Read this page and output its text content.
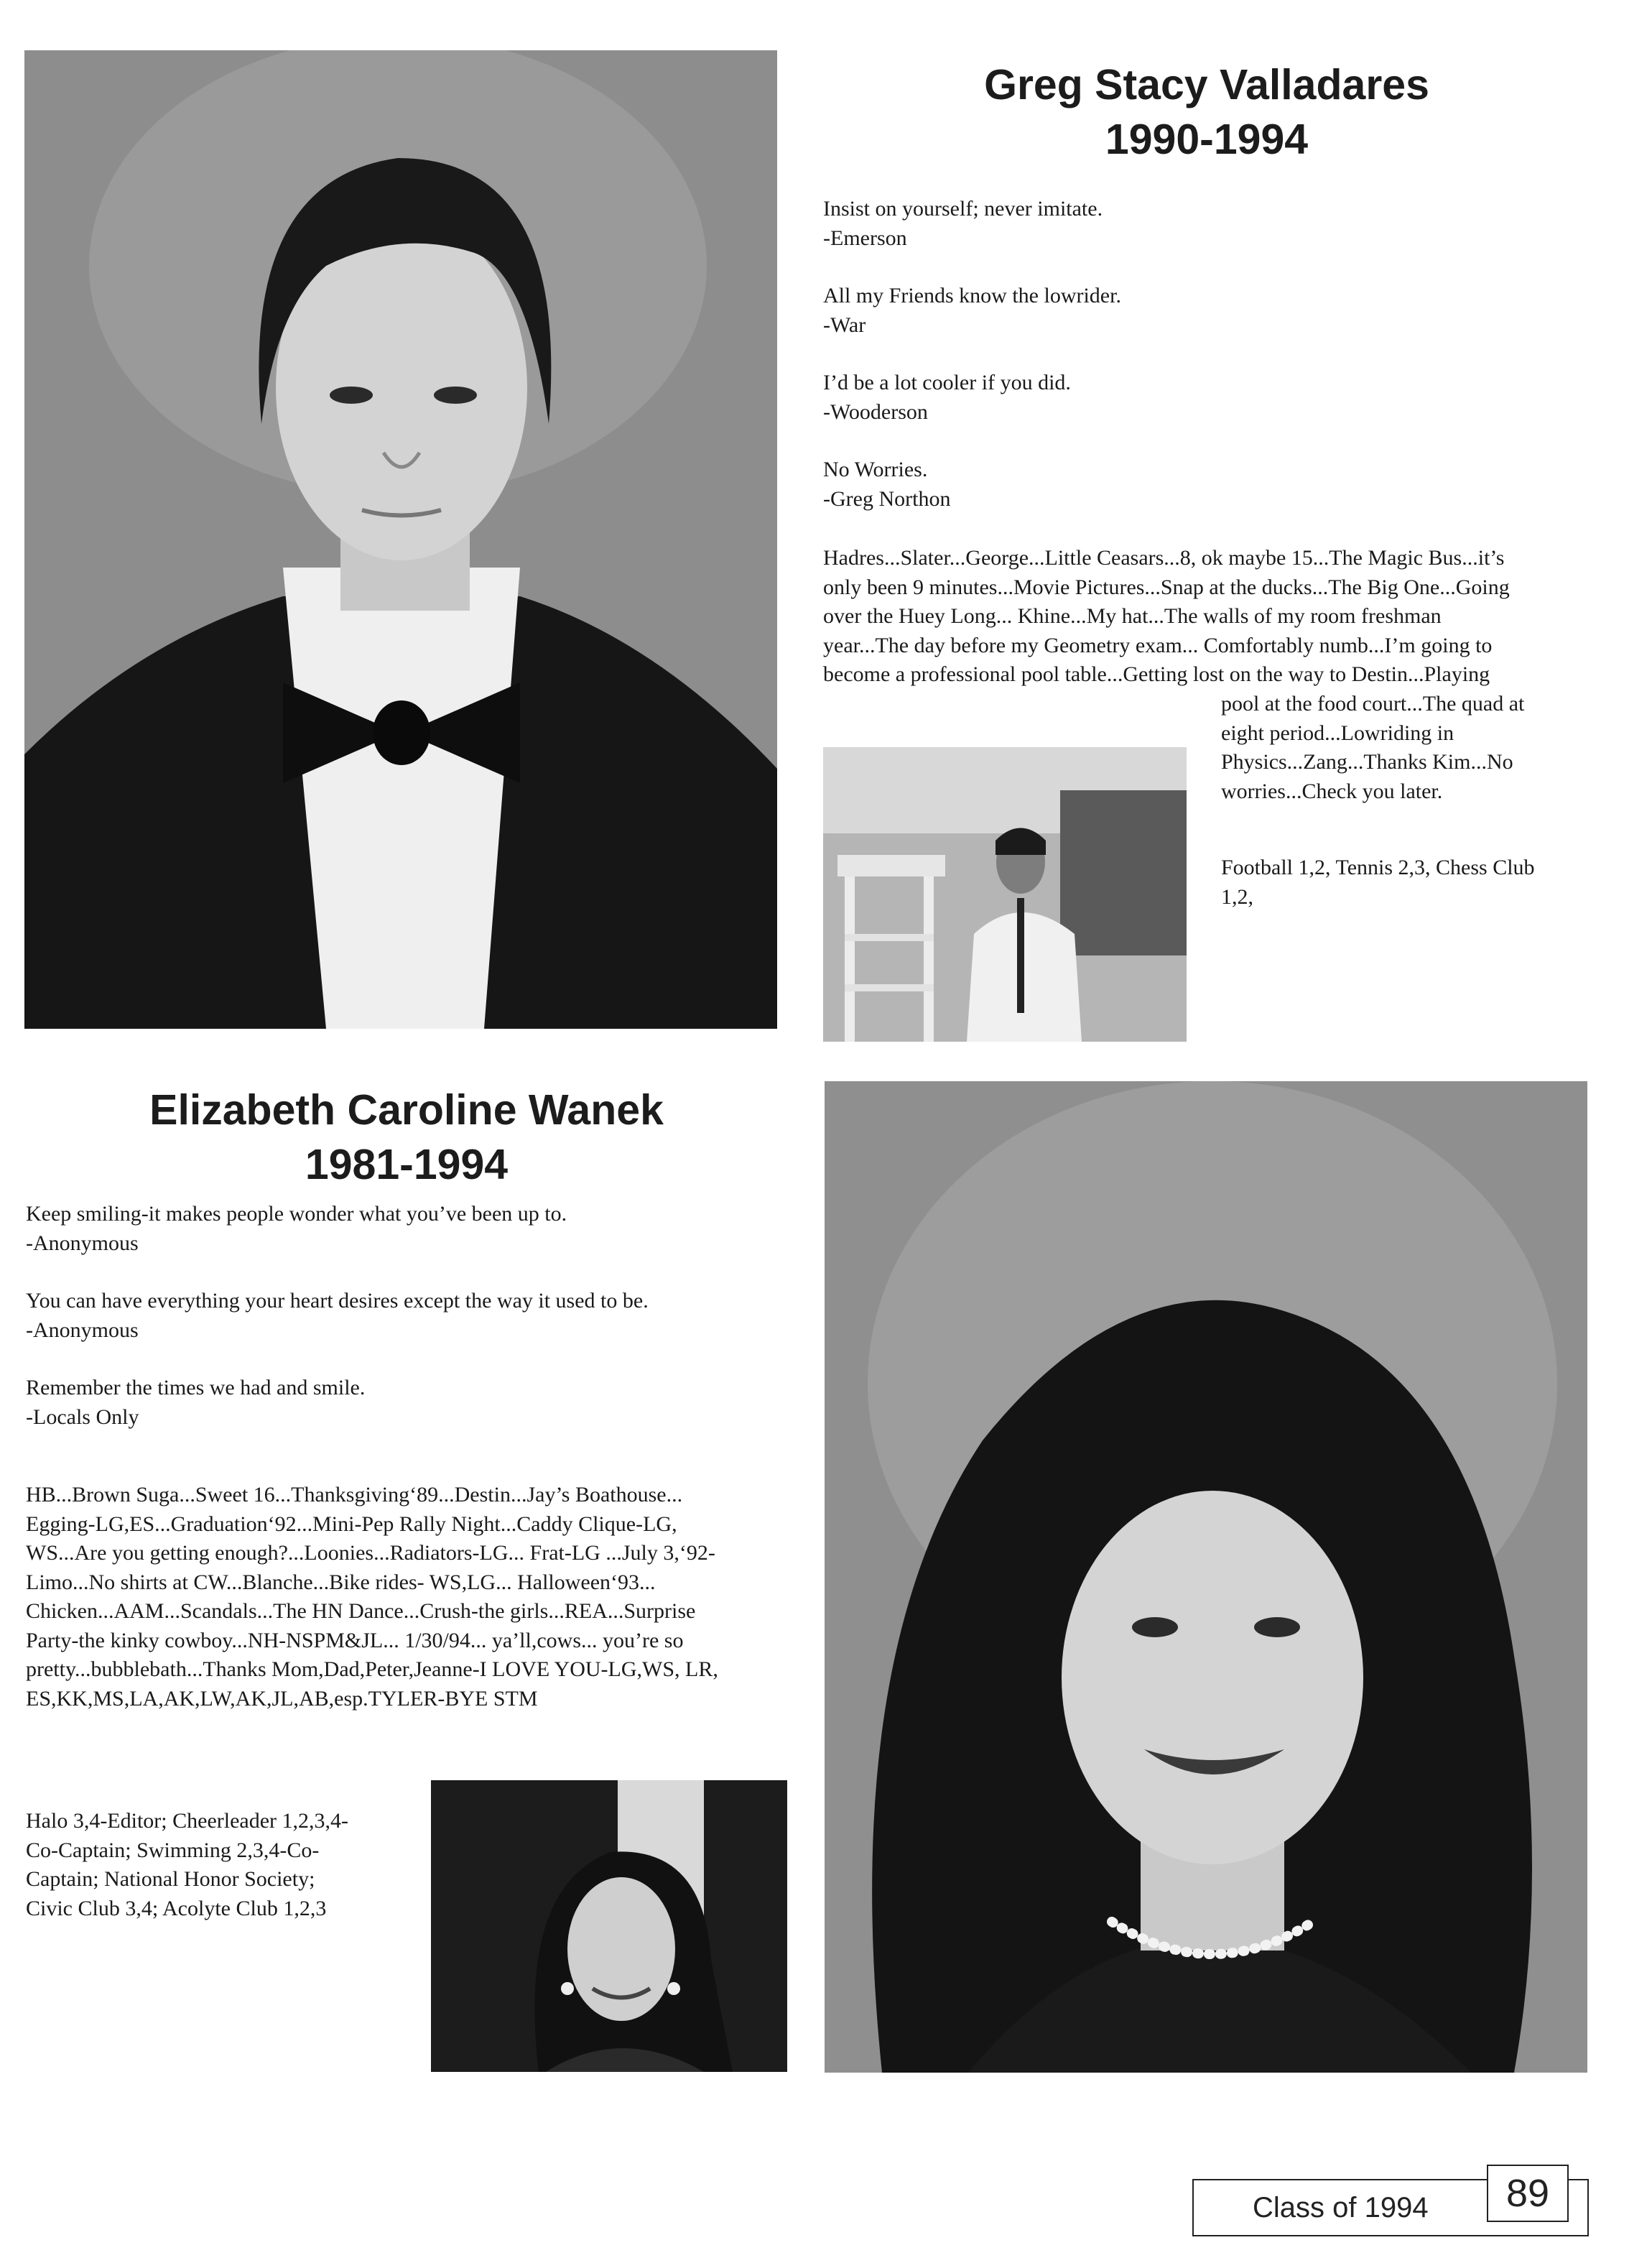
Greg Stacy Valladares
1990-1994
Insist on yourself; never imitate.
-Emerson
All my Friends know the lowrider.
-War
I’d be a lot cooler if you did.
-Wooderson
No Worries.
-Greg Northon
Hadres...Slater...George...Little Ceasars...8, ok maybe 15...The Magic Bus...it’s
only been 9 minutes...Movie Pictures...Snap at the ducks...The Big One...Going
over the Huey Long... Khine...My hat...The walls of my room freshman
year...The day before my Geometry exam... Comfortably numb...I’m going to
become a professional pool table...Getting lost on the way to Destin...Playing
pool at the food court...The quad at
eight period...Lowriding in
Physics...Zang...Thanks Kim...No
worries...Check you later.
Football 1,2, Tennis 2,3, Chess Club
1,2,
Elizabeth Caroline Wanek
1981-1994
Keep smiling-it makes people wonder what you’ve been up to.
-Anonymous
You can have everything your heart desires except the way it used to be.
-Anonymous
Remember the times we had and smile.
-Locals Only
HB...Brown Suga...Sweet 16...Thanksgiving‘89...Destin...Jay’s Boathouse...
Egging-LG,ES...Graduation‘92...Mini-Pep Rally Night...Caddy Clique-LG,
WS...Are you getting enough?...Loonies...Radiators-LG... Frat-LG ...July 3,‘92-
Limo...No shirts at CW...Blanche...Bike rides- WS,LG... Halloween‘93...
Chicken...AAM...Scandals...The HN Dance...Crush-the girls...REA...Surprise
Party-the kinky cowboy...NH-NSPM&JL... 1/30/94... ya’ll,cows... you’re so
pretty...bubblebath...Thanks Mom,Dad,Peter,Jeanne-I LOVE YOU-LG,WS, LR,
ES,KK,MS,LA,AK,LW,AK,JL,AB,esp.TYLER-BYE STM
Halo 3,4-Editor; Cheerleader 1,2,3,4-
Co-Captain; Swimming 2,3,4-Co-
Captain; National Honor Society;
Civic Club 3,4; Acolyte Club 1,2,3
Class of 1994	89
